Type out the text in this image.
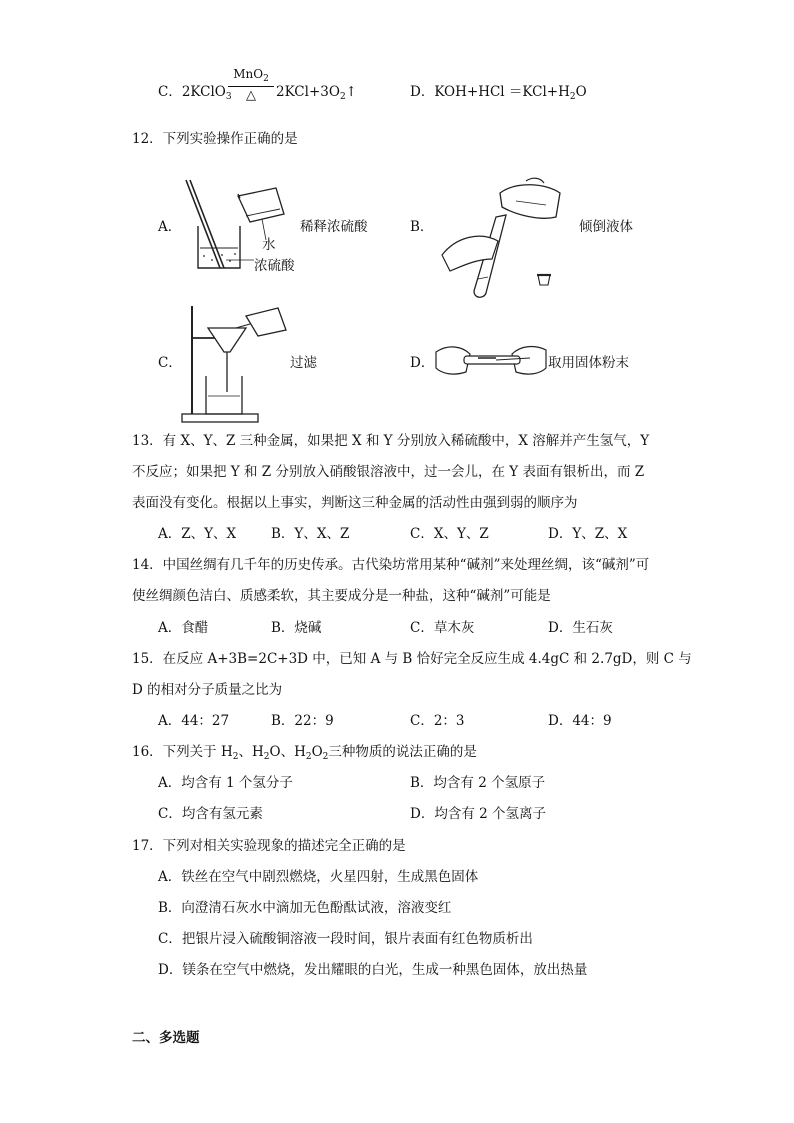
C．2KClO$_3$
MnO$_2$
△	$2KCl+3O_2↑$	D．$KOH+HCl =KCl+H_2O$
12．下列实验操作正确的是
A．	稀释浓硫酸
水
浓硫酸
B．	倾倒液体
C．	过滤	D．	取用固体粉末
13．有 X、Y、Z 三种金属，如果把 X 和 Y 分别放入稀硫酸中，X 溶解并产生氢气，Y
不反应；如果把 Y 和 Z 分别放入硝酸银溶液中，过一会儿，在 Y 表面有银析出，而 Z
表面没有变化。根据以上事实，判断这三种金属的活动性由强到弱的顺序为
A．Z、Y、X	B．Y、X、Z	C．X、Y、Z	D．Y、Z、X
14．中国丝绸有几千年的历史传承。古代染坊常用某种“碱剂”来处理丝绸，该“碱剂”可
使丝绸颜色洁白、质感柔软，其主要成分是一种盐，这种“碱剂”可能是
A．食醋	B．烧碱	C．草木灰	D．生石灰
15．在反应 A+3B=2C+3D 中，已知 A 与 B 恰好完全反应生成 4.4gC 和 2.7gD，则 C 与
D 的相对分子质量之比为
A．44：27	B．22：9	C．2：3	D．44：9
16．下列关于 $H_2$、$H_2O$、$H_2O_2$三种物质的说法正确的是
A．均含有 1 个氢分子	B．均含有 2 个氢原子
C．均含有氢元素	D．均含有 2 个氢离子
17．下列对相关实验现象的描述完全正确的是
A．铁丝在空气中剧烈燃烧，火星四射，生成黑色固体
B．向澄清石灰水中滴加无色酚酞试液，溶液变红
C．把银片浸入硫酸铜溶液一段时间，银片表面有红色物质析出
D．镁条在空气中燃烧，发出耀眼的白光，生成一种黑色固体，放出热量
二、多选题
